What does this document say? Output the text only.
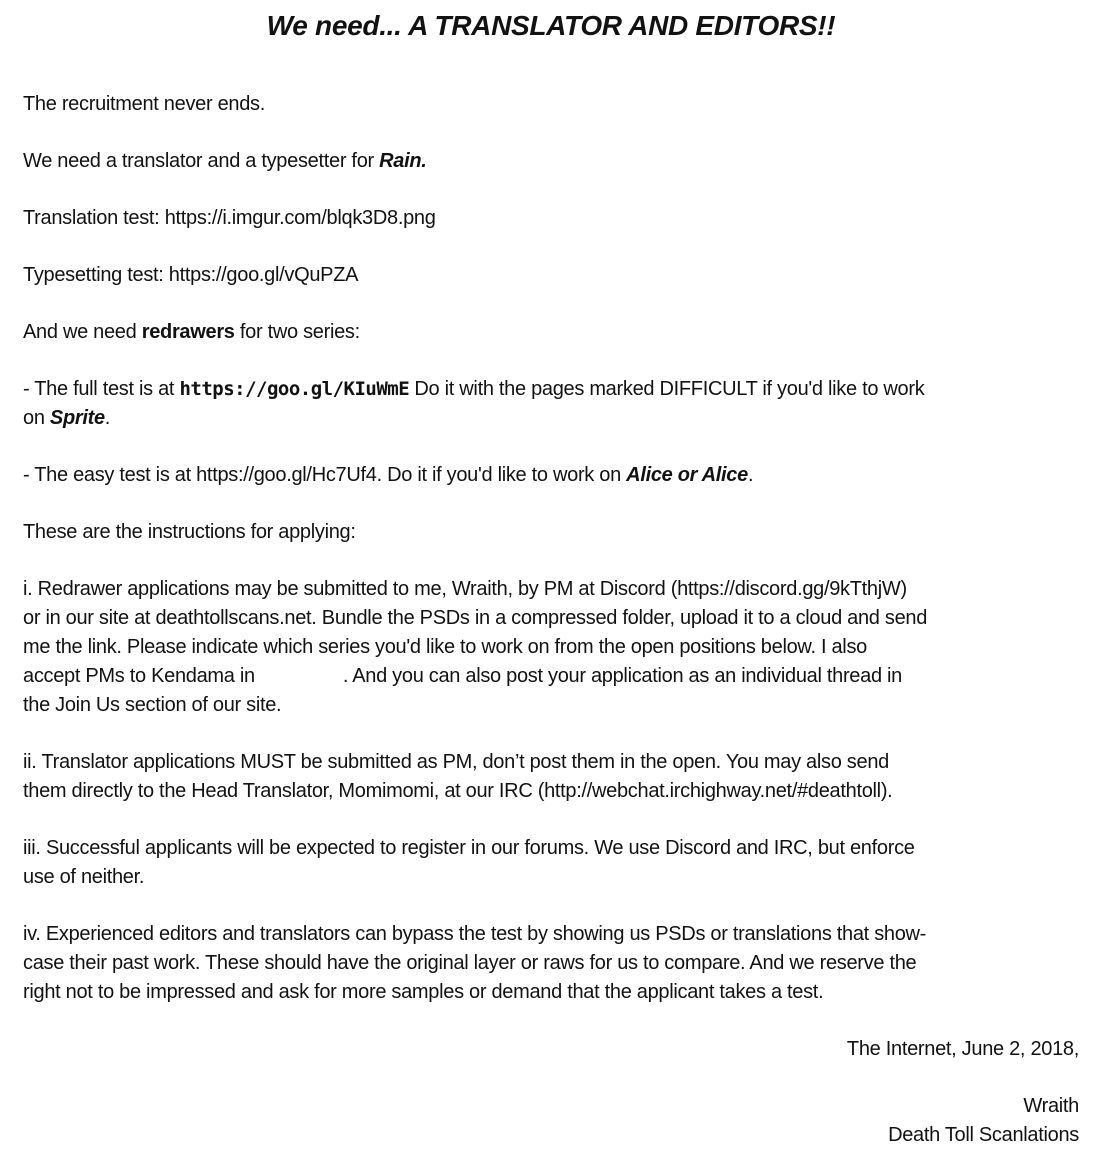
We need... A TRANSLATOR AND EDITORS!!

The recruitment never ends.

We need a translator and a typesetter for Rain.

Translation test: https://i.imgur.com/blqk3D8.png

Typesetting test: https://goo.gl/vQuPZA

And we need redrawers for two series:

- The full test is at https://goo.gl/KIuWmE Do it with the pages marked DIFFICULT if you'd like to work
on Sprite.

- The easy test is at https://goo.gl/Hc7Uf4. Do it if you'd like to work on Alice or Alice.

These are the instructions for applying:

i. Redrawer applications may be submitted to me, Wraith, by PM at Discord (https://discord.gg/9kTthjW)
or in our site at deathtollscans.net. Bundle the PSDs in a compressed folder, upload it to a cloud and send
me the link. Please indicate which series you'd like to work on from the open positions below. I also
accept PMs to Kendama in	. And you can also post your application as an individual thread in
the Join Us section of our site.

ii. Translator applications MUST be submitted as PM, don’t post them in the open. You may also send
them directly to the Head Translator, Momimomi, at our IRC (http://webchat.irchighway.net/#deathtoll).

iii. Successful applicants will be expected to register in our forums. We use Discord and IRC, but enforce
use of neither.

iv. Experienced editors and translators can bypass the test by showing us PSDs or translations that show-
case their past work. These should have the original layer or raws for us to compare. And we reserve the
right not to be impressed and ask for more samples or demand that the applicant takes a test.

The Internet, June 2, 2018,

Wraith
Death Toll Scanlations
